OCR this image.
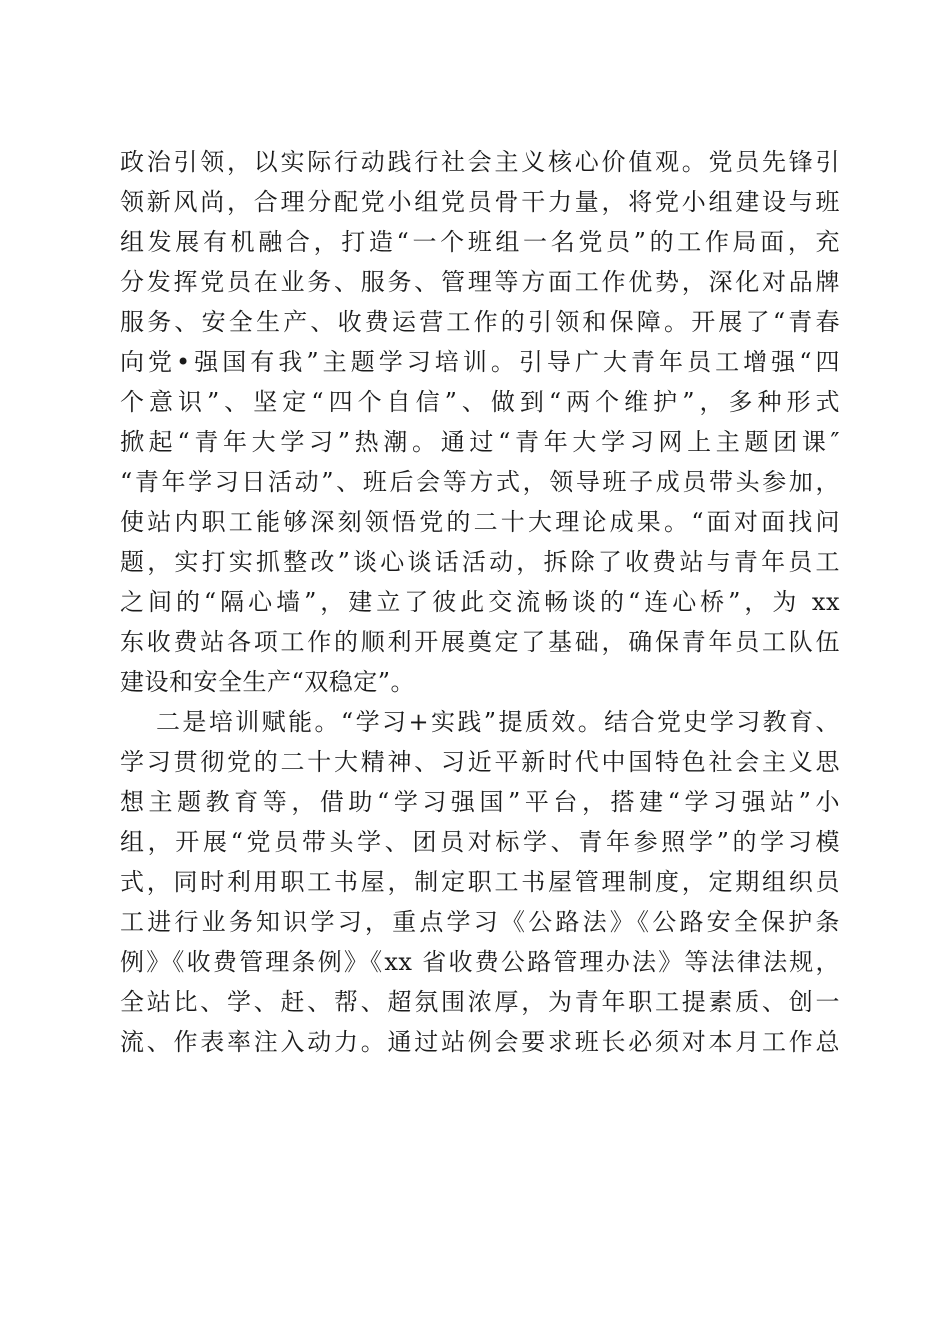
政治引领，以实际行动践行社会主义核心价值观。党员先锋引
领新风尚，合理分配党小组党员骨干力量，将党小组建设与班
组发展有机融合，打造“一个班组一名党员”的工作局面，充
分发挥党员在业务、服务、管理等方面工作优势，深化对品牌
服务、安全生产、收费运营工作的引领和保障。开展了“青春
向党•强国有我”主题学习培训。引导广大青年员工增强“四
个意识”、坚定“四个自信”、做到“两个维护”，多种形式
掀起“青年大学习”热潮。通过“青年大学习网上主题团课″
“青年学习日活动”、班后会等方式，领导班子成员带头参加，
使站内职工能够深刻领悟党的二十大理论成果。“面对面找问
题，实打实抓整改”谈心谈话活动，拆除了收费站与青年员工
之间的“隔心墙”，建立了彼此交流畅谈的“连心桥”，为 xx
东收费站各项工作的顺利开展奠定了基础，确保青年员工队伍
建设和安全生产“双稳定”。
二是培训赋能。“学习+实践”提质效。结合党史学习教育、
学习贯彻党的二十大精神、习近平新时代中国特色社会主义思
想主题教育等，借助“学习强国”平台，搭建“学习强站”小
组，开展“党员带头学、团员对标学、青年参照学”的学习模
式，同时利用职工书屋，制定职工书屋管理制度，定期组织员
工进行业务知识学习，重点学习《公路法》《公路安全保护条
例》《收费管理条例》《xx 省收费公路管理办法》等法律法规，
全站比、学、赶、帮、超氛围浓厚，为青年职工提素质、创一
流、作表率注入动力。通过站例会要求班长必须对本月工作总
